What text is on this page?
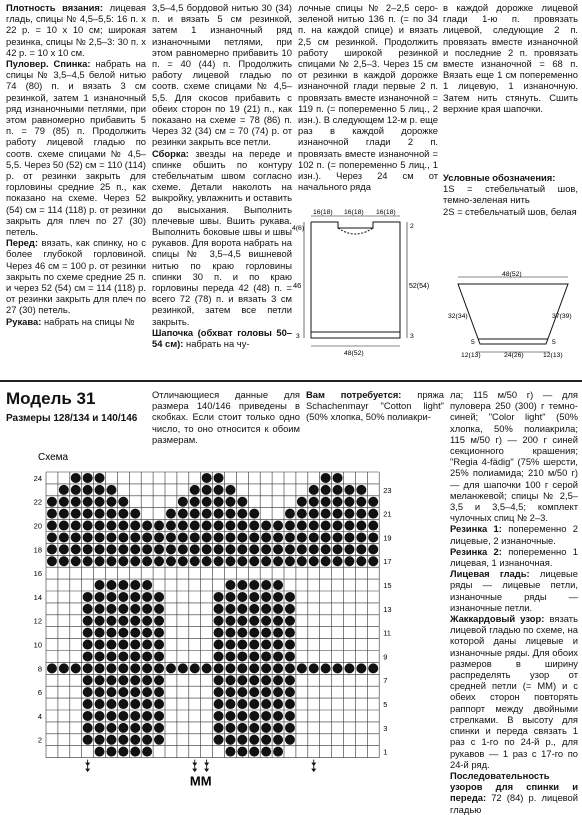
Плотность вязания: лицевая гладь, спицы № 4,5–5,5: 16 п. х 22 р. = 10 х 10 см; широкая резинка, спицы № 2,5–3: 30 п. х 42 р. = 10 х 10 см.

Пуловер. Спинка: набрать на спицы № 3,5–4,5 белой нитью 74 (80) п. и вязать 3 см резинкой, затем 1 изнаночный ряд изнаночными петлями, при этом равномерно прибавить 5 п. = 79 (85) п. Продолжить работу лицевой гладью по соотв. схеме спицами № 4,5–5,5. Через 50 (52) см = 110 (114) р. от резинки закрыть для горловины средние 25 п., как показано на схеме. Через 52 (54) см = 114 (118) р. от резинки закрыть для плеч по 27 (30) петель.

Перед: вязать, как спинку, но с более глубокой горловиной. Через 46 см = 100 р. от резинки закрыть по схеме средние 25 п. и через 52 (54) см = 114 (118) р. от резинки закрыть для плеч по 27 (30) петель.

Рукава: набрать на спицы №

3,5–4,5 бордовой нитью 30 (34) п. и вязать 5 см резинкой, затем 1 изнаночный ряд изнаночными петлями, при этом равномерно прибавить 10 п. = 40 (44) п. Продолжить работу лицевой гладью по соотв. схеме спицами № 4,5–5,5. Для скосов прибавить с обеих сторон по 19 (21) п., как показано на схеме = 78 (86) п. Через 32 (34) см = 70 (74) р. от резинки закрыть все петли.

Сборка: звезды на переде и спинке обшить по контуру стебельчатым швом согласно схеме. Детали наколоть на выкройку, увлажнить и оставить до высыхания. Выполнить плечевые швы. Вшить рукава. Выполнить боковые швы и швы рукавов. Для ворота набрать на спицы № 3,5–4,5 вишневой нитью по краю горловины спинки 30 п. и по краю горловины переда 42 (48) п. = всего 72 (78) п. и вязать 3 см резинкой, затем все петли закрыть.

Шапочка (обхват головы 50–54 см): набрать на чу-

лочные спицы № 2–2,5 серо-зеленой нитью 136 п. (= по 34 п. на каждой спице) и вязать 2,5 см резинкой. Продолжить работу широкой резинкой спицами № 2,5–3. Через 15 см от резинки в каждой дорожке изнаночной глади первые 2 п. провязать вместе изнаночной = 119 п. (= попеременно 5 лиц., 2 изн.). В следующем 12-м р. еще раз в каждой дорожке изнаночной глади 2 п. провязать вместе изнаночной = 102 п. (= попеременно 5 лиц., 1 изн.). Через 24 см от начального ряда

в каждой дорожке лицевой глади 1-ю п. провязать лицевой, следующие 2 п. провязать вместе изнаночной и последние 2 п. провязать вместе изнаночной = 68 п. Вязать еще 1 см попеременно 1 лицевую, 1 изнаночную. Затем нить стянуть. Сшить верхние края шапочки.

Условные обозначения:

1S = стебельчатый шов, темно-зеленая нить

2S = стебельчатый шов, белая

16(18) 16(18) 16(18)
4(6)	2
46	52(54)
3	3
48(52)
48(52)
32(34)	37(39)
5	5
12(13)	24(26)	12(13)
Модель 31
Размеры 128/134 и 140/146

Отличающиеся данные для размера 140/146 приведены в скобках. Если стоит только одно число, то оно относится к обоим размерам.

Вам потребуется: пряжа Schachenmayr "Cotton light" (50% хлопка, 50% полиакри-

ла; 115 м/50 г) — для пуловера 250 (300) г темно-синей; "Color light" (50% хлопка, 50% полиакрила; 115 м/50 г) — 200 г синей секционного крашения; "Regia 4-fädig" (75% шерсти, 25% полиамида; 210 м/50 г) — для шапочки 100 г серой меланжевой; спицы № 2,5–3,5 и 3,5–4,5; комплект чулочных спиц № 2–3.

Резинка 1: попеременно 2 лицевые, 2 изнаночные.

Резинка 2: попеременно 1 лицевая, 1 изнаночная.

Лицевая гладь: лицевые ряды — лицевые петли, изнаночные ряды — изнаночные петли.

Жаккардовый узор: вязать лицевой гладью по схеме, на которой даны лицевые и изнаночные ряды. Для обоих размеров в ширину распределять узор от средней петли (= ММ) и с обеих сторон повторять раппорт между двойными стрелками. В высоту для спинки и переда связать 1 раз с 1-го по 24-й р., для рукавов — 1 раз с 17-го по 24-й ряд.

Последовательность узоров для спинки и переда: 72 (84) р. лицевой гладью

Схема
24
22
20
18
16
14
12
10
8
6
4
2
23
21
19
17
15
13
11
9
7
5
3
1
ММ
